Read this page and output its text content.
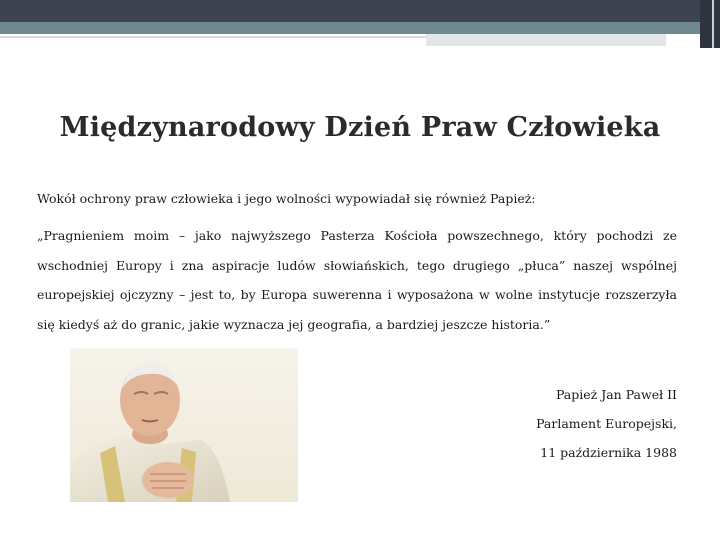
Międzynarodowy Dzień Praw Człowieka
Wokół ochrony praw człowieka i jego wolności wypowiadał się również Papież:
„Pragnieniem moim – jako najwyższego Pasterza Kościoła powszechnego, który pochodzi ze wschodniej Europy i zna aspiracje ludów słowiańskich, tego drugiego „płuca” naszej wspólnej europejskiej ojczyzny – jest to, by Europa suwerenna i wyposażona w wolne instytucje rozszerzyła się kiedyś aż do granic, jakie wyznacza jej geografia, a bardziej jeszcze historia.”
Papież Jan Paweł II
Parlament Europejski,
11 października 1988
